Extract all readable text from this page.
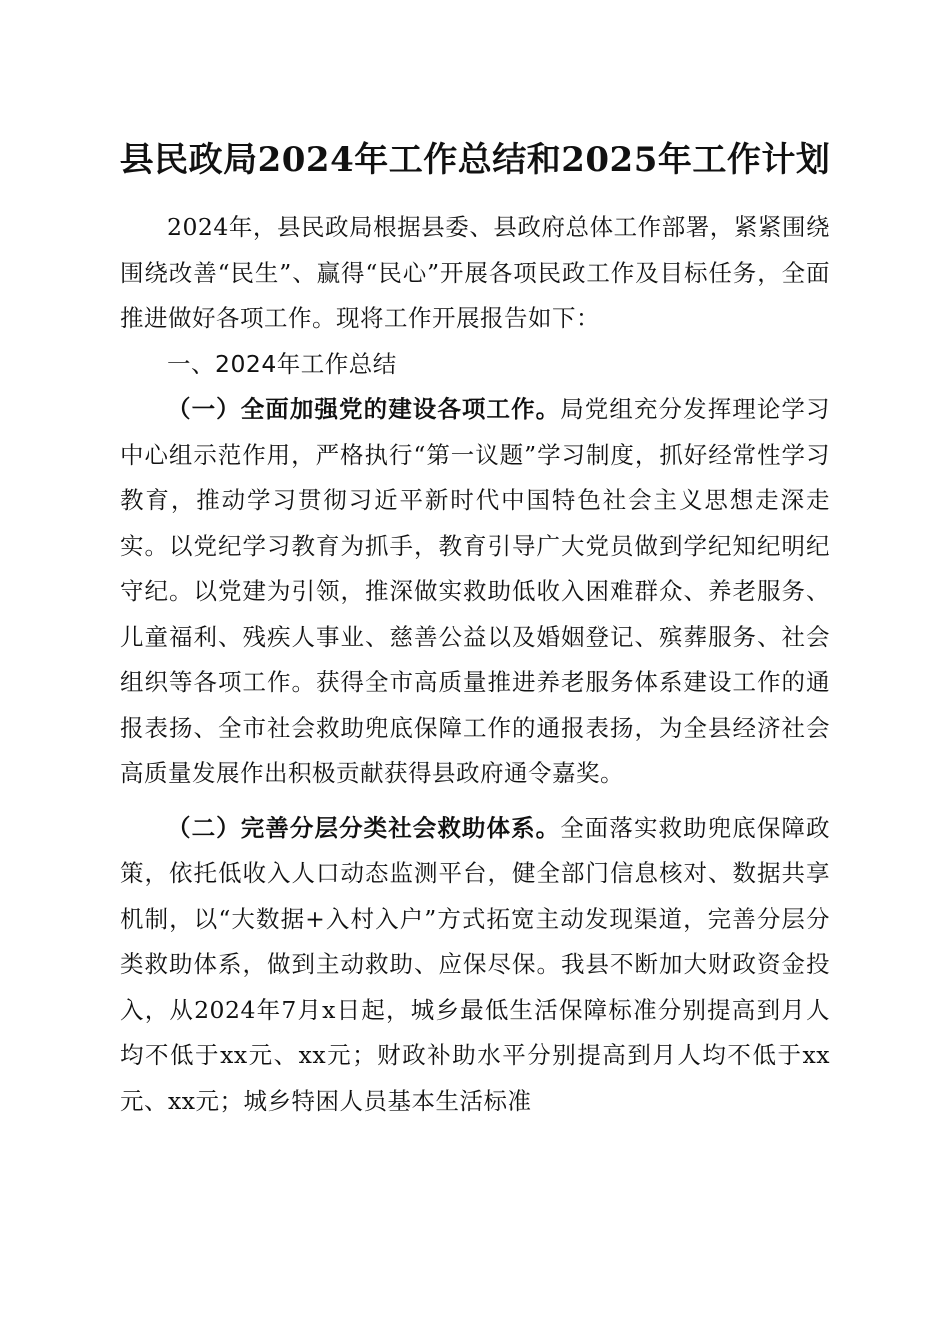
县民政局2024年工作总结和2025年工作计划

2024年，县民政局根据县委、县政府总体工作部署，紧紧围绕围绕改善“民生”、赢得“民心”开展各项民政工作及目标任务，全面推进做好各项工作。现将工作开展报告如下：

一、2024年工作总结

（一）全面加强党的建设各项工作。局党组充分发挥理论学习中心组示范作用，严格执行“第一议题”学习制度，抓好经常性学习教育，推动学习贯彻习近平新时代中国特色社会主义思想走深走实。以党纪学习教育为抓手，教育引导广大党员做到学纪知纪明纪守纪。以党建为引领，推深做实救助低收入困难群众、养老服务、儿童福利、残疾人事业、慈善公益以及婚姻登记、殡葬服务、社会组织等各项工作。获得全市高质量推进养老服务体系建设工作的通报表扬、全市社会救助兜底保障工作的通报表扬，为全县经济社会高质量发展作出积极贡献获得县政府通令嘉奖。

（二）完善分层分类社会救助体系。全面落实救助兜底保障政策，依托低收入人口动态监测平台，健全部门信息核对、数据共享机制，以“大数据+入村入户”方式拓宽主动发现渠道，完善分层分类救助体系，做到主动救助、应保尽保。我县不断加大财政资金投入，从2024年7月x日起，城乡最低生活保障标准分别提高到月人均不低于xx元、xx元；财政补助水平分别提高到月人均不低于xx元、xx元；城乡特困人员基本生活标准
